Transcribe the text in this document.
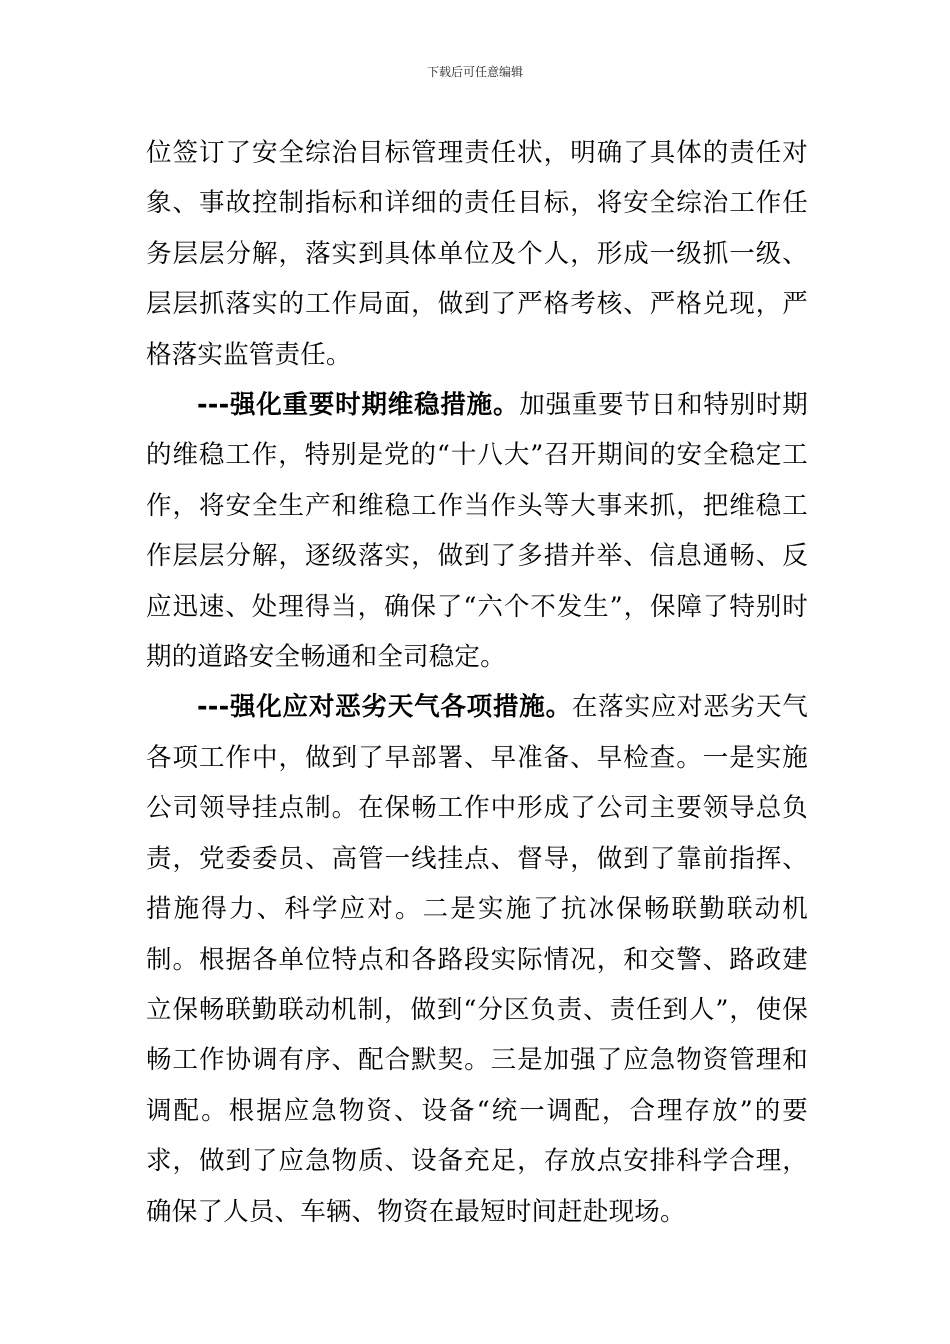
下载后可任意编辑

位签订了安全综治目标管理责任状，明确了具体的责任对象、事故控制指标和详细的责任目标，将安全综治工作任务层层分解，落实到具体单位及个人，形成一级抓一级、层层抓落实的工作局面，做到了严格考核、严格兑现，严格落实监管责任。

---强化重要时期维稳措施。加强重要节日和特别时期的维稳工作，特别是党的“十八大”召开期间的安全稳定工作，将安全生产和维稳工作当作头等大事来抓，把维稳工作层层分解，逐级落实，做到了多措并举、信息通畅、反应迅速、处理得当，确保了“六个不发生”，保障了特别时期的道路安全畅通和全司稳定。

---强化应对恶劣天气各项措施。在落实应对恶劣天气各项工作中，做到了早部署、早准备、早检查。一是实施公司领导挂点制。在保畅工作中形成了公司主要领导总负责，党委委员、高管一线挂点、督导，做到了靠前指挥、措施得力、科学应对。二是实施了抗冰保畅联勤联动机制。根据各单位特点和各路段实际情况，和交警、路政建立保畅联勤联动机制，做到“分区负责、责任到人”，使保畅工作协调有序、配合默契。三是加强了应急物资管理和调配。根据应急物资、设备“统一调配，合理存放”的要求，做到了应急物质、设备充足，存放点安排科学合理，确保了人员、车辆、物资在最短时间赶赴现场。
